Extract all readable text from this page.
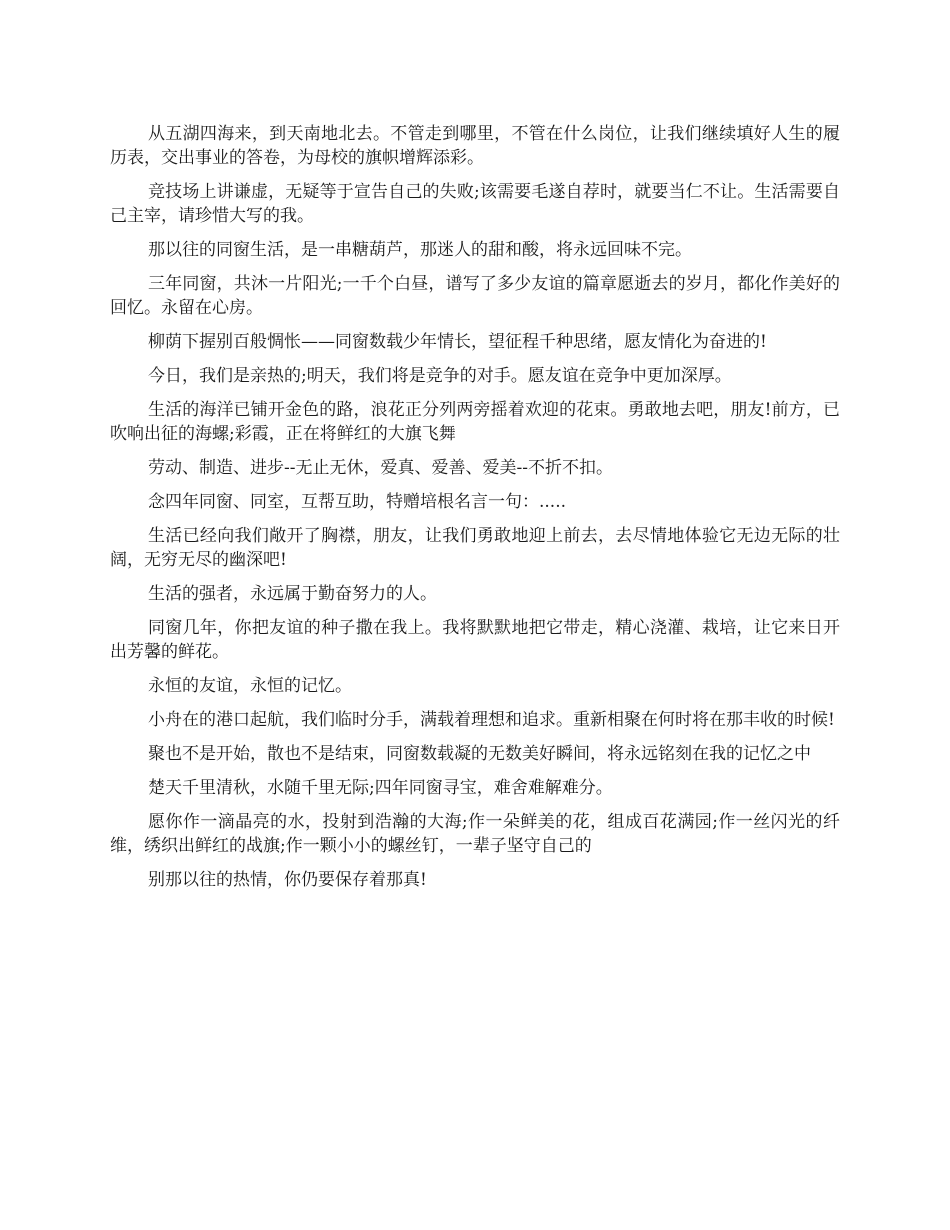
从五湖四海来，到天南地北去。不管走到哪里，不管在什么岗位，让我们继续填好人生的履历表，交出事业的答卷，为母校的旗帜增辉添彩。

竞技场上讲谦虚，无疑等于宣告自己的失败;该需要毛遂自荐时，就要当仁不让。生活需要自己主宰，请珍惜大写的我。

那以往的同窗生活，是一串糖葫芦，那迷人的甜和酸，将永远回味不完。

三年同窗，共沐一片阳光;一千个白昼，谱写了多少友谊的篇章愿逝去的岁月，都化作美好的回忆。永留在心房。

柳荫下握别百般惆怅——同窗数载少年情长，望征程千种思绪，愿友情化为奋进的!

今日，我们是亲热的;明天，我们将是竞争的对手。愿友谊在竞争中更加深厚。

生活的海洋已铺开金色的路，浪花正分列两旁摇着欢迎的花束。勇敢地去吧，朋友!前方，已吹响出征的海螺;彩霞，正在将鲜红的大旗飞舞

劳动、制造、进步--无止无休，爱真、爱善、爱美--不折不扣。

念四年同窗、同室，互帮互助，特赠培根名言一句：.....

生活已经向我们敞开了胸襟，朋友，让我们勇敢地迎上前去，去尽情地体验它无边无际的壮阔，无穷无尽的幽深吧!

生活的强者，永远属于勤奋努力的人。

同窗几年，你把友谊的种子撒在我上。我将默默地把它带走，精心浇灌、栽培，让它来日开出芳馨的鲜花。

永恒的友谊，永恒的记忆。

小舟在的港口起航，我们临时分手，满载着理想和追求。重新相聚在何时将在那丰收的时候!

聚也不是开始，散也不是结束，同窗数载凝的无数美好瞬间，将永远铭刻在我的记忆之中

楚天千里清秋，水随千里无际;四年同窗寻宝，难舍难解难分。

愿你作一滴晶亮的水，投射到浩瀚的大海;作一朵鲜美的花，组成百花满园;作一丝闪光的纤维，绣织出鲜红的战旗;作一颗小小的螺丝钉，一辈子坚守自己的

别那以往的热情，你仍要保存着那真!
